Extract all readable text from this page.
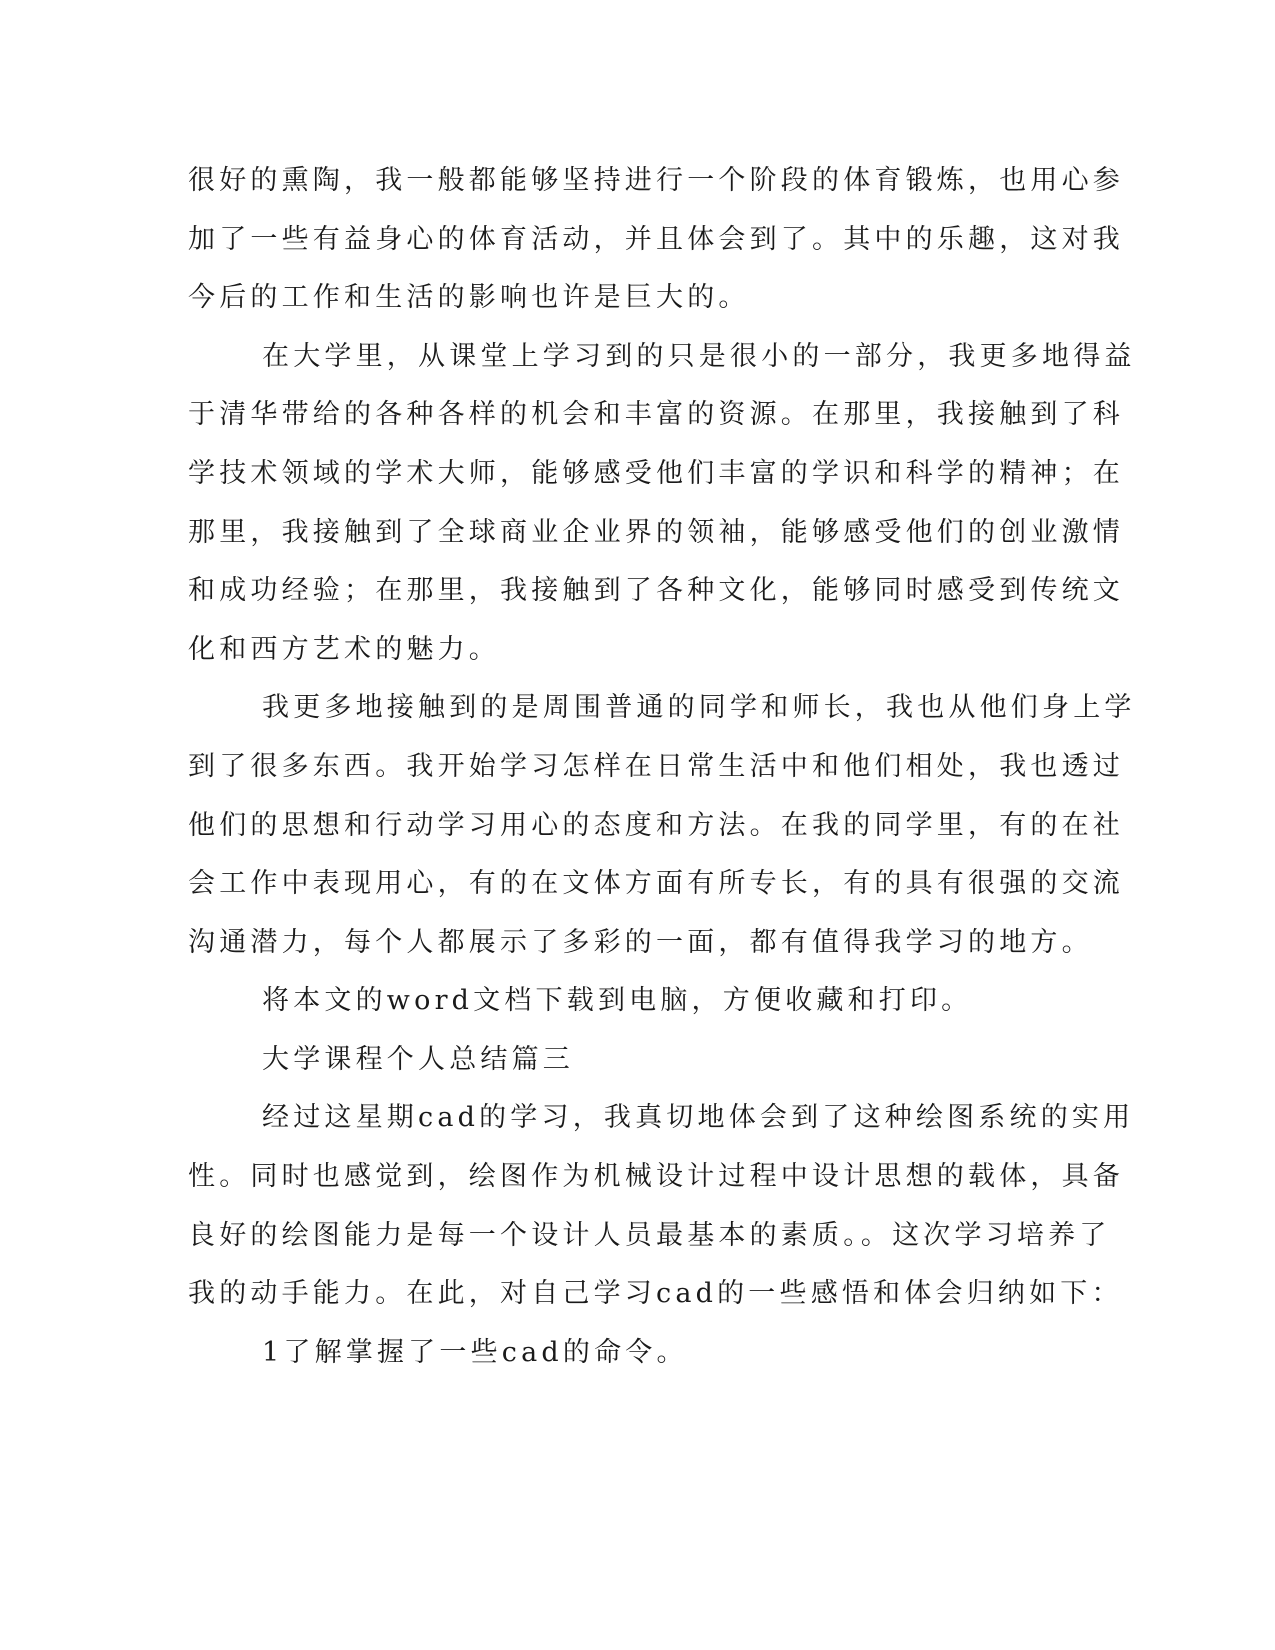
很好的熏陶，我一般都能够坚持进行一个阶段的体育锻炼，也用心参
加了一些有益身心的体育活动，并且体会到了。其中的乐趣，这对我
今后的工作和生活的影响也许是巨大的。
在大学里，从课堂上学习到的只是很小的一部分，我更多地得益
于清华带给的各种各样的机会和丰富的资源。在那里，我接触到了科
学技术领域的学术大师，能够感受他们丰富的学识和科学的精神；在
那里，我接触到了全球商业企业界的领袖，能够感受他们的创业激情
和成功经验；在那里，我接触到了各种文化，能够同时感受到传统文
化和西方艺术的魅力。
我更多地接触到的是周围普通的同学和师长，我也从他们身上学
到了很多东西。我开始学习怎样在日常生活中和他们相处，我也透过
他们的思想和行动学习用心的态度和方法。在我的同学里，有的在社
会工作中表现用心，有的在文体方面有所专长，有的具有很强的交流
沟通潜力，每个人都展示了多彩的一面，都有值得我学习的地方。
将本文的word文档下载到电脑，方便收藏和打印。
大学课程个人总结篇三
经过这星期cad的学习，我真切地体会到了这种绘图系统的实用
性。同时也感觉到，绘图作为机械设计过程中设计思想的载体，具备
良好的绘图能力是每一个设计人员最基本的素质。。这次学习培养了
我的动手能力。在此，对自己学习cad的一些感悟和体会归纳如下：
1了解掌握了一些cad的命令。
